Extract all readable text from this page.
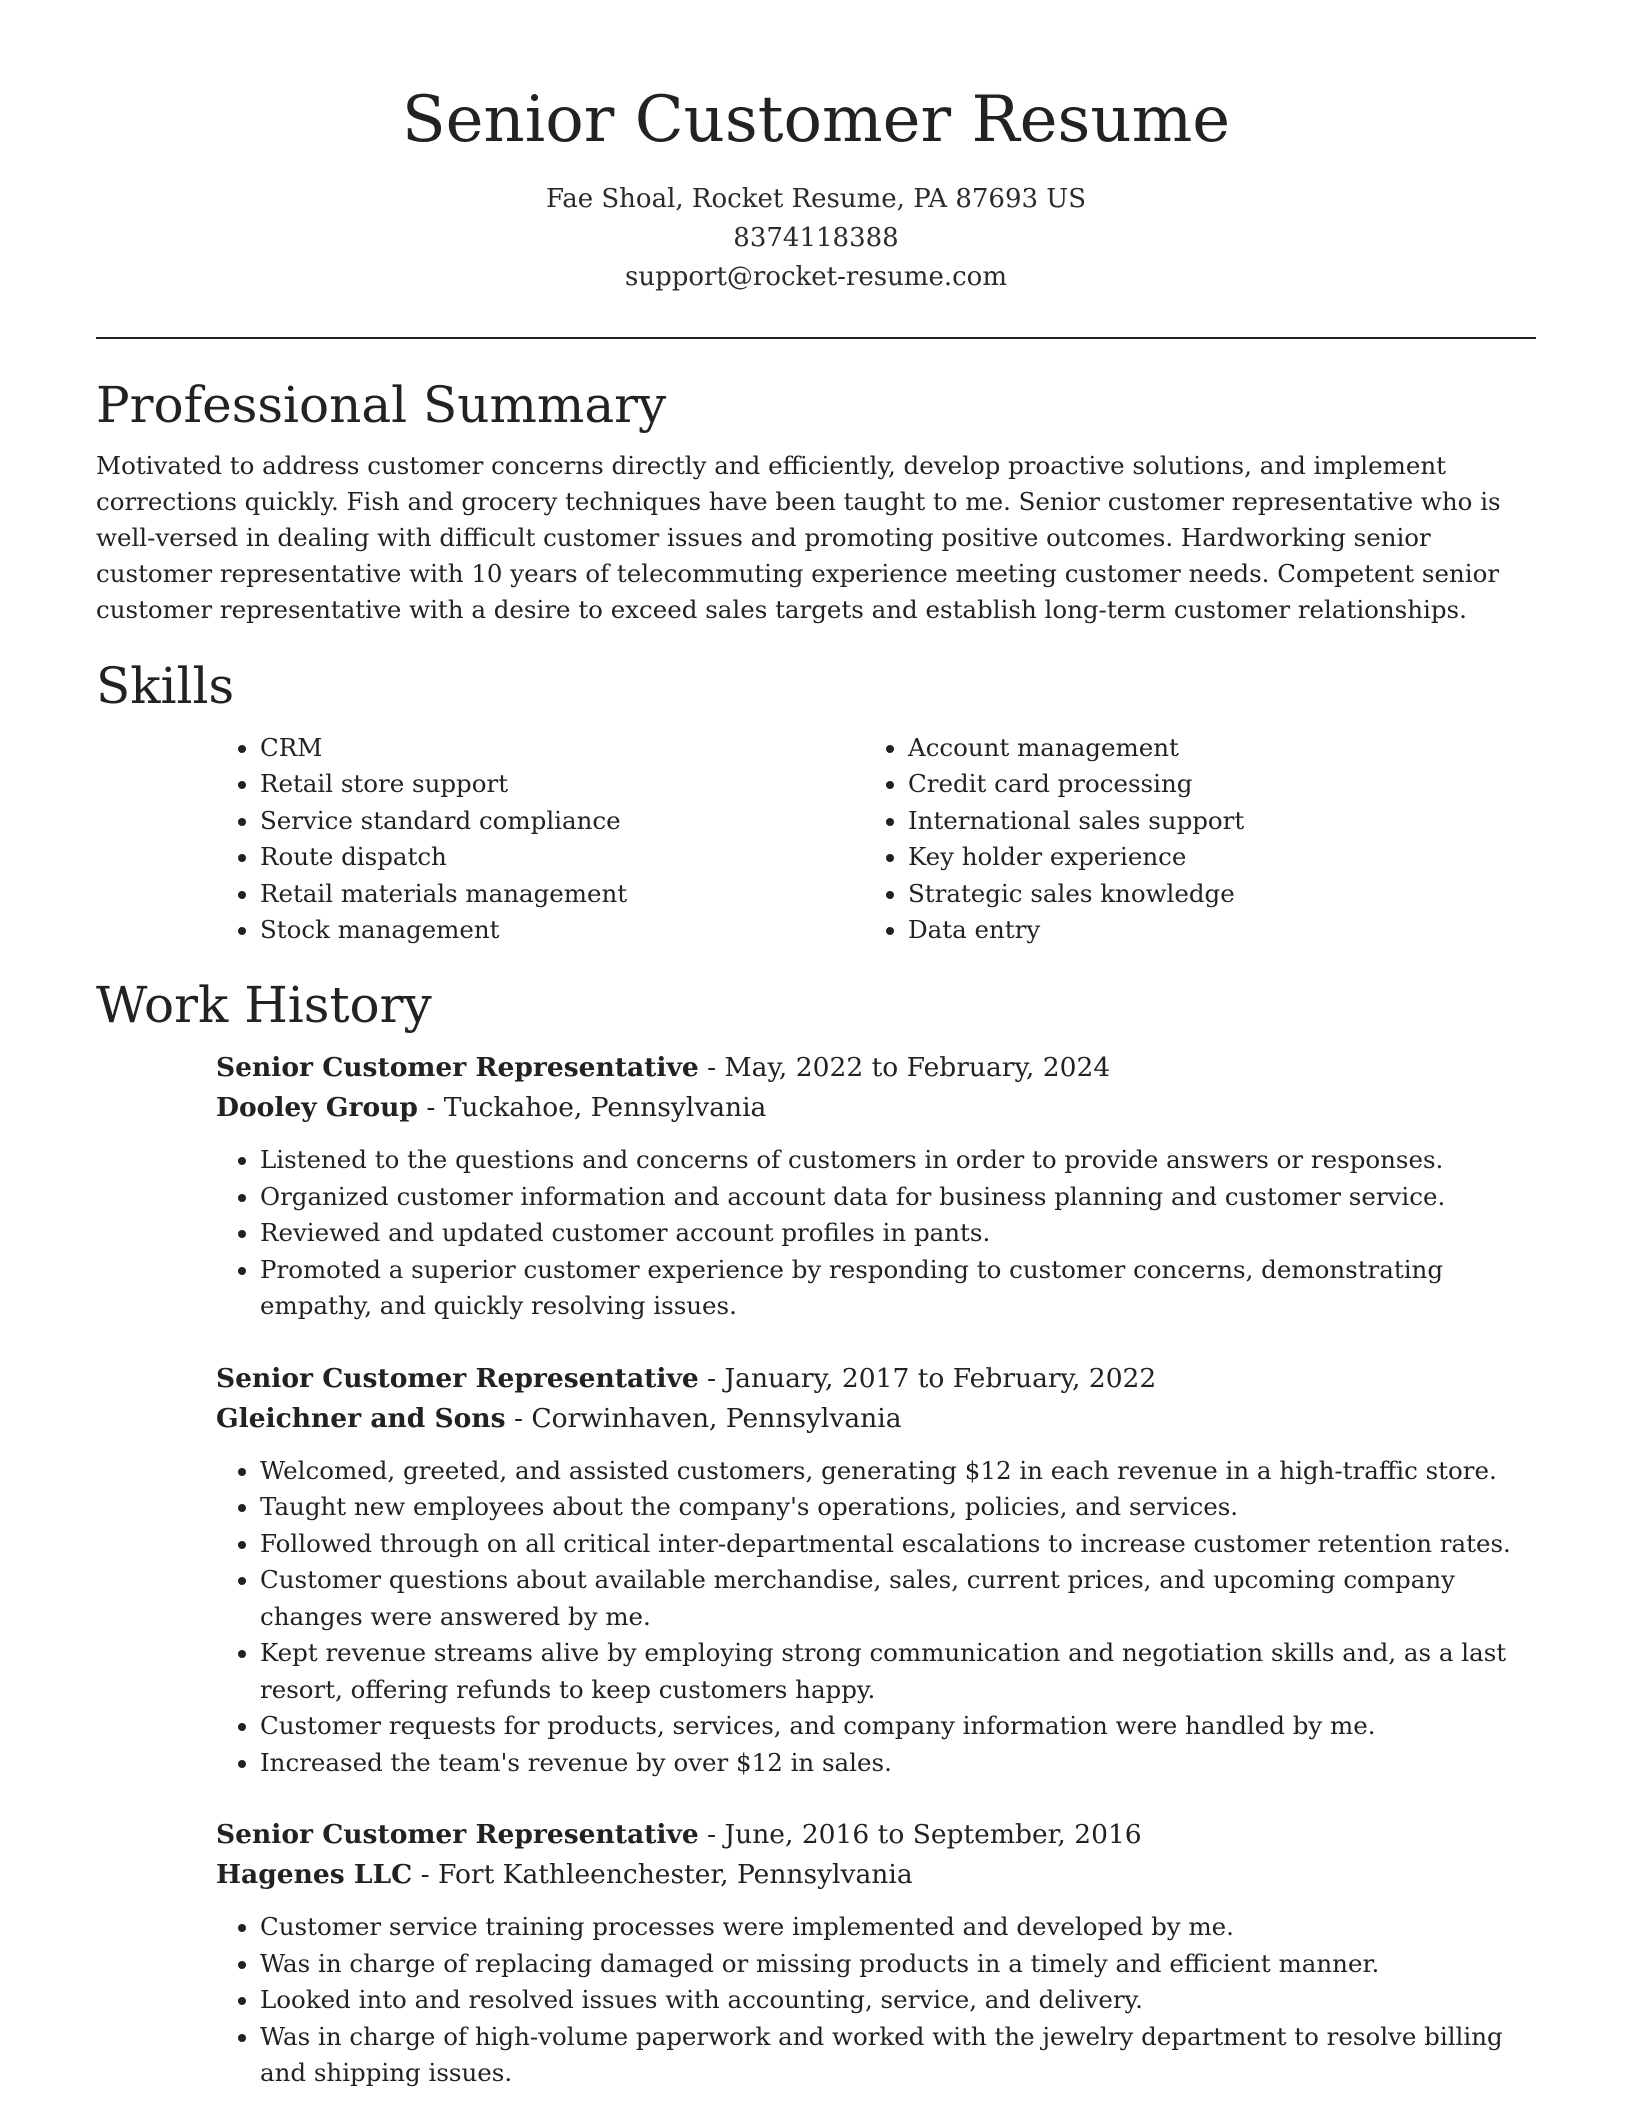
Senior Customer Resume
Fae Shoal, Rocket Resume, PA 87693 US
8374118388
support@rocket-resume.com
Professional Summary

Motivated to address customer concerns directly and efficiently, develop proactive solutions, and implement corrections quickly. Fish and grocery techniques have been taught to me. Senior customer representative who is well-versed in dealing with difficult customer issues and promoting positive outcomes. Hardworking senior customer representative with 10 years of telecommuting experience meeting customer needs. Competent senior customer representative with a desire to exceed sales targets and establish long-term customer relationships.

Skills
• CRM
• Retail store support
• Service standard compliance
• Route dispatch
• Retail materials management
• Stock management
• Account management
• Credit card processing
• International sales support
• Key holder experience
• Strategic sales knowledge
• Data entry
Work History
Senior Customer Representative - May, 2022 to February, 2024
Dooley Group - Tuckahoe, Pennsylvania
• Listened to the questions and concerns of customers in order to provide answers or responses.
• Organized customer information and account data for business planning and customer service.
• Reviewed and updated customer account profiles in pants.
• Promoted a superior customer experience by responding to customer concerns, demonstrating empathy, and quickly resolving issues.
Senior Customer Representative - January, 2017 to February, 2022
Gleichner and Sons - Corwinhaven, Pennsylvania
• Welcomed, greeted, and assisted customers, generating $12 in each revenue in a high-traffic store.
• Taught new employees about the company's operations, policies, and services.
• Followed through on all critical inter-departmental escalations to increase customer retention rates.
• Customer questions about available merchandise, sales, current prices, and upcoming company changes were answered by me.
• Kept revenue streams alive by employing strong communication and negotiation skills and, as a last resort, offering refunds to keep customers happy.
• Customer requests for products, services, and company information were handled by me.
• Increased the team's revenue by over $12 in sales.
Senior Customer Representative - June, 2016 to September, 2016
Hagenes LLC - Fort Kathleenchester, Pennsylvania
• Customer service training processes were implemented and developed by me.
• Was in charge of replacing damaged or missing products in a timely and efficient manner.
• Looked into and resolved issues with accounting, service, and delivery.
• Was in charge of high-volume paperwork and worked with the jewelry department to resolve billing and shipping issues.
